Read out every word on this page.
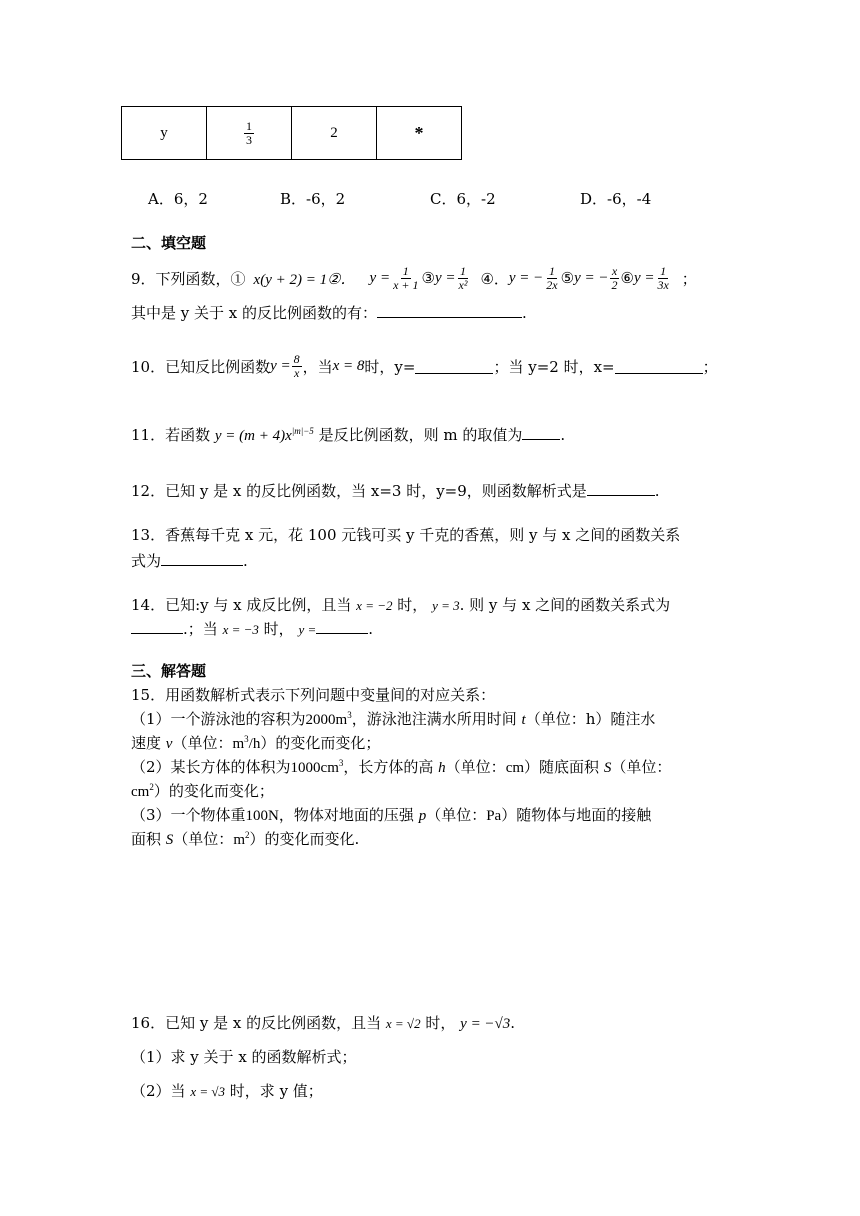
y	$\frac{1}{3}$	2	*
A．6，2	B．-6，2	C．6，-2	D．-6，-4
二、填空题
9．下列函数，① x(y + 2) = 1②． $y = \frac{1}{x + 1}$ ③ $y = \frac{1}{\text{x²}}$ ④． y = − $\frac{1}{2x}$ ⑤ y = − $\frac{x}{2}$ ⑥ $y = \frac{1}{3x}$ ；
其中是 y 关于 x 的反比例函数的有：	.
10．已知反比例函数 $y = \frac{8}{x}$ ，当 x = 8 时，y=	；当 y=2 时，x=	；
11．若函数 $y = (m + 4)x^{|m|-5}$ 是反比例函数，则 m 的取值为	.
12．已知 y 是 x 的反比例函数，当 x=3 时，y=9，则函数解析式是	.
13．香蕉每千克 x 元，花 100 元钱可买 y 千克的香蕉，则 y 与 x 之间的函数关系
式为	.
14．已知:y 与 x 成反比例，且当 x = −2 时， y = 3. 则 y 与 x 之间的函数关系式为
.；当 x = −3 时， y =	.
三、解答题
15．用函数解析式表示下列问题中变量间的对应关系：
（1）一个游泳池的容积为$2000m^3$，游泳池注满水所用时间 t（单位：h）随注水
速度 v（单位：$m^3/h$）的变化而变化；
（2）某长方体的体积为$1000cm^3$，长方体的高 h（单位：cm）随底面积 S（单位：
$cm^2$）的变化而变化；
（3）一个物体重100N，物体对地面的压强 p（单位：Pa）随物体与地面的接触
面积 S（单位：$m^2$）的变化而变化.
16．已知 y 是 x 的反比例函数，且当 x = √2 时， y = −√3.
（1）求 y 关于 x 的函数解析式；
（2）当 x = √3 时，求 y 值；
